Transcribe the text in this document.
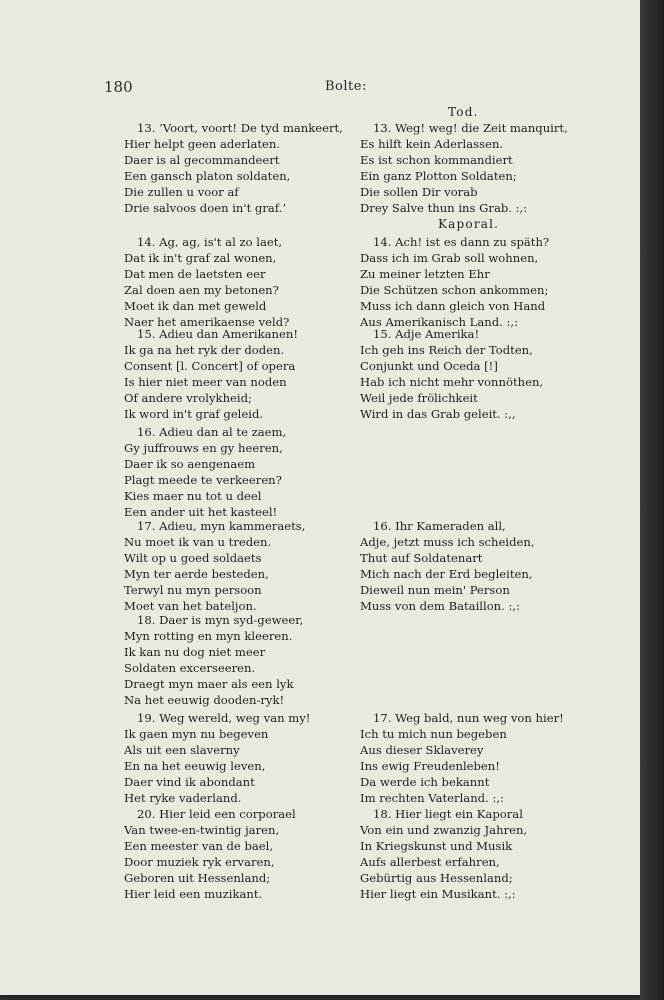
180	Bolte:
13. ‘Voort, voort! De tyd mankeert,
Hier helpt geen aderlaten.
Daer is al gecommandeert
Een gansch platon soldaten,
Die zullen u voor af
Drie salvoos doen in't graf.’
14. Ag, ag, is't al zo laet,
Dat ik in't graf zal wonen,
Dat men de laetsten eer
Zal doen aen my betonen?
Moet ik dan met geweld
Naer het amerikaense veld?
15. Adieu dan Amerikanen!
Ik ga na het ryk der doden.
Consent [l. Concert] of opera
Is hier niet meer van noden
Of andere vrolykheid;
Ik word in't graf geleid.
16. Adieu dan al te zaem,
Gy juffrouws en gy heeren,
Daer ik so aengenaem
Plagt meede te verkeeren?
Kies maer nu tot u deel
Een ander uit het kasteel!
17. Adieu, myn kammeraets,
Nu moet ik van u treden.
Wilt op u goed soldaets
Myn ter aerde besteden,
Terwyl nu myn persoon
Moet van het bateljon.
18. Daer is myn syd-geweer,
Myn rotting en myn kleeren.
Ik kan nu dog niet meer
Soldaten excerseeren.
Draegt myn maer als een lyk
Na het eeuwig dooden-ryk!
19. Weg wereld, weg van my!
Ik gaen myn nu begeven
Als uit een slaverny
En na het eeuwig leven,
Daer vind ik abondant
Het ryke vaderland.
20. Hier leid een corporael
Van twee-en-twintig jaren,
Een meester van de bael,
Door muziek ryk ervaren,
Geboren uit Hessenland;
Hier leid een muzikant.
Tod.
13. Weg! weg! die Zeit manquirt,
Es hilft kein Aderlassen.
Es ist schon kommandiert
Ein ganz Plotton Soldaten;
Die sollen Dir vorab
Drey Salve thun ins Grab. :,:
Kaporal.
14. Ach! ist es dann zu späth?
Dass ich im Grab soll wohnen,
Zu meiner letzten Ehr
Die Schützen schon ankommen;
Muss ich dann gleich von Hand
Aus Amerikanisch Land. :,:
15. Adje Amerika!
Ich geh ins Reich der Todten,
Conjunkt und Oceda [!]
Hab ich nicht mehr vonnöthen,
Weil jede frölichkeit
Wird in das Grab geleit. :,,
16. Ihr Kameraden all,
Adje, jetzt muss ich scheiden,
Thut auf Soldatenart
Mich nach der Erd begleiten,
Dieweil nun mein' Person
Muss von dem Bataillon. :,:
17. Weg bald, nun weg von hier!
Ich tu mich nun begeben
Aus dieser Sklaverey
Ins ewig Freudenleben!
Da werde ich bekannt
Im rechten Vaterland. :,:
18. Hier liegt ein Kaporal
Von ein und zwanzig Jahren,
In Kriegskunst und Musik
Aufs allerbest erfahren,
Gebürtig aus Hessenland;
Hier liegt ein Musikant. :,:
